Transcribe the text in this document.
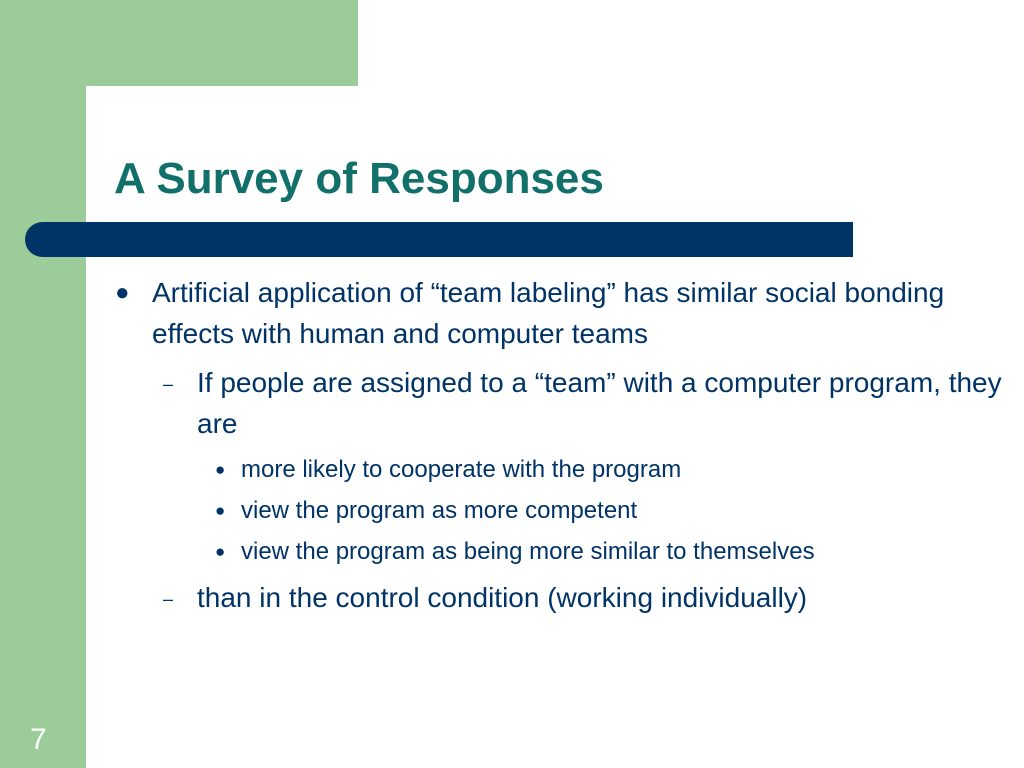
A Survey of Responses
● Artificial application of “team labeling” has similar social bonding effects with human and computer teams
– If people are assigned to a “team” with a computer program, they are
● more likely to cooperate with the program
● view the program as more competent
● view the program as being more similar to themselves
– than in the control condition (working individually)
7
